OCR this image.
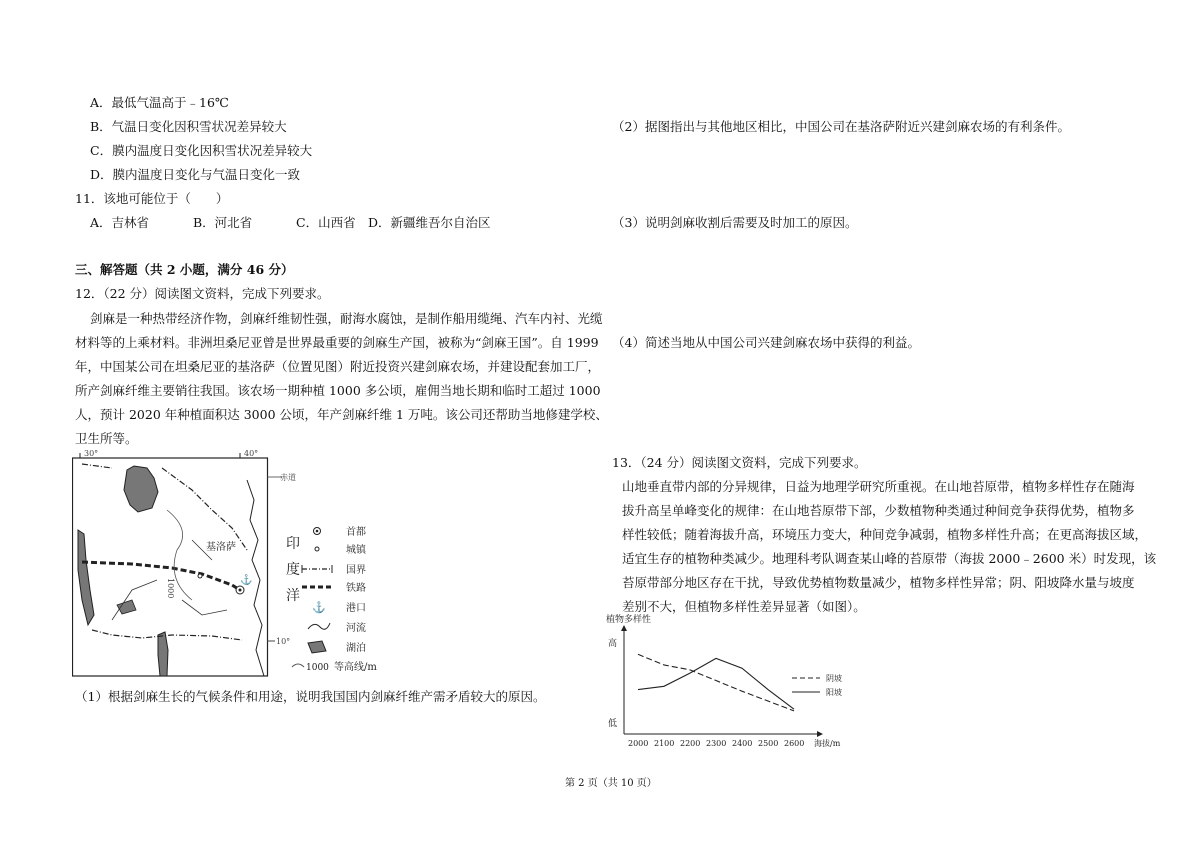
A．最低气温高于﹣16℃
B．气温日变化因积雪状况差异较大
C．膜内温度日变化因积雪状况差异较大
D．膜内温度日变化与气温日变化一致
11．该地可能位于（　　）
A．吉林省	B．河北省	C．山西省 D．新疆维吾尔自治区
三、解答题（共 2 小题，满分 46 分）
12．（22 分）阅读图文资料，完成下列要求。
剑麻是一种热带经济作物，剑麻纤维韧性强，耐海水腐蚀，是制作船用缆绳、汽车内衬、光缆
材料等的上乘材料。非洲坦桑尼亚曾是世界最重要的剑麻生产国，被称为“剑麻王国”。自 1999
年，中国某公司在坦桑尼亚的基洛萨（位置见图）附近投资兴建剑麻农场，并建设配套加工厂，
所产剑麻纤维主要销往我国。该农场一期种植 1000 多公顷，雇佣当地长期和临时工超过 1000
人，预计 2020 年种植面积达 3000 公顷，年产剑麻纤维 1 万吨。该公司还帮助当地修建学校、
卫生所等。
30°	40°
赤道
1000
基洛萨
⚓
印
度
洋
10°
首都
城镇
国界
铁路
⚓ 港口
河流
湖泊
1000 等高线/m
（1）根据剑麻生长的气候条件和用途，说明我国国内剑麻纤维产需矛盾较大的原因。
（2）据图指出与其他地区相比，中国公司在基洛萨附近兴建剑麻农场的有利条件。
（3）说明剑麻收割后需要及时加工的原因。
（4）简述当地从中国公司兴建剑麻农场中获得的利益。
13．（24 分）阅读图文资料，完成下列要求。
山地垂直带内部的分异规律，日益为地理学研究所重视。在山地苔原带，植物多样性存在随海
拔升高呈单峰变化的规律：在山地苔原带下部，少数植物种类通过种间竞争获得优势，植物多
样性较低；随着海拔升高，环境压力变大，种间竞争减弱，植物多样性升高；在更高海拔区域，
适宜生存的植物种类减少。地理科考队调查某山峰的苔原带（海拔 2000﹣2600 米）时发现，该
苔原带部分地区存在干扰，导致优势植物数量减少，植物多样性异常；阴、阳坡降水量与坡度
差别不大，但植物多样性差异显著（如图）。
植物多样性
高
低
2000 2100 2200 2300 2400 2500 2600 海拔/m
阴坡
阳坡
第 2 页（共 10 页）
